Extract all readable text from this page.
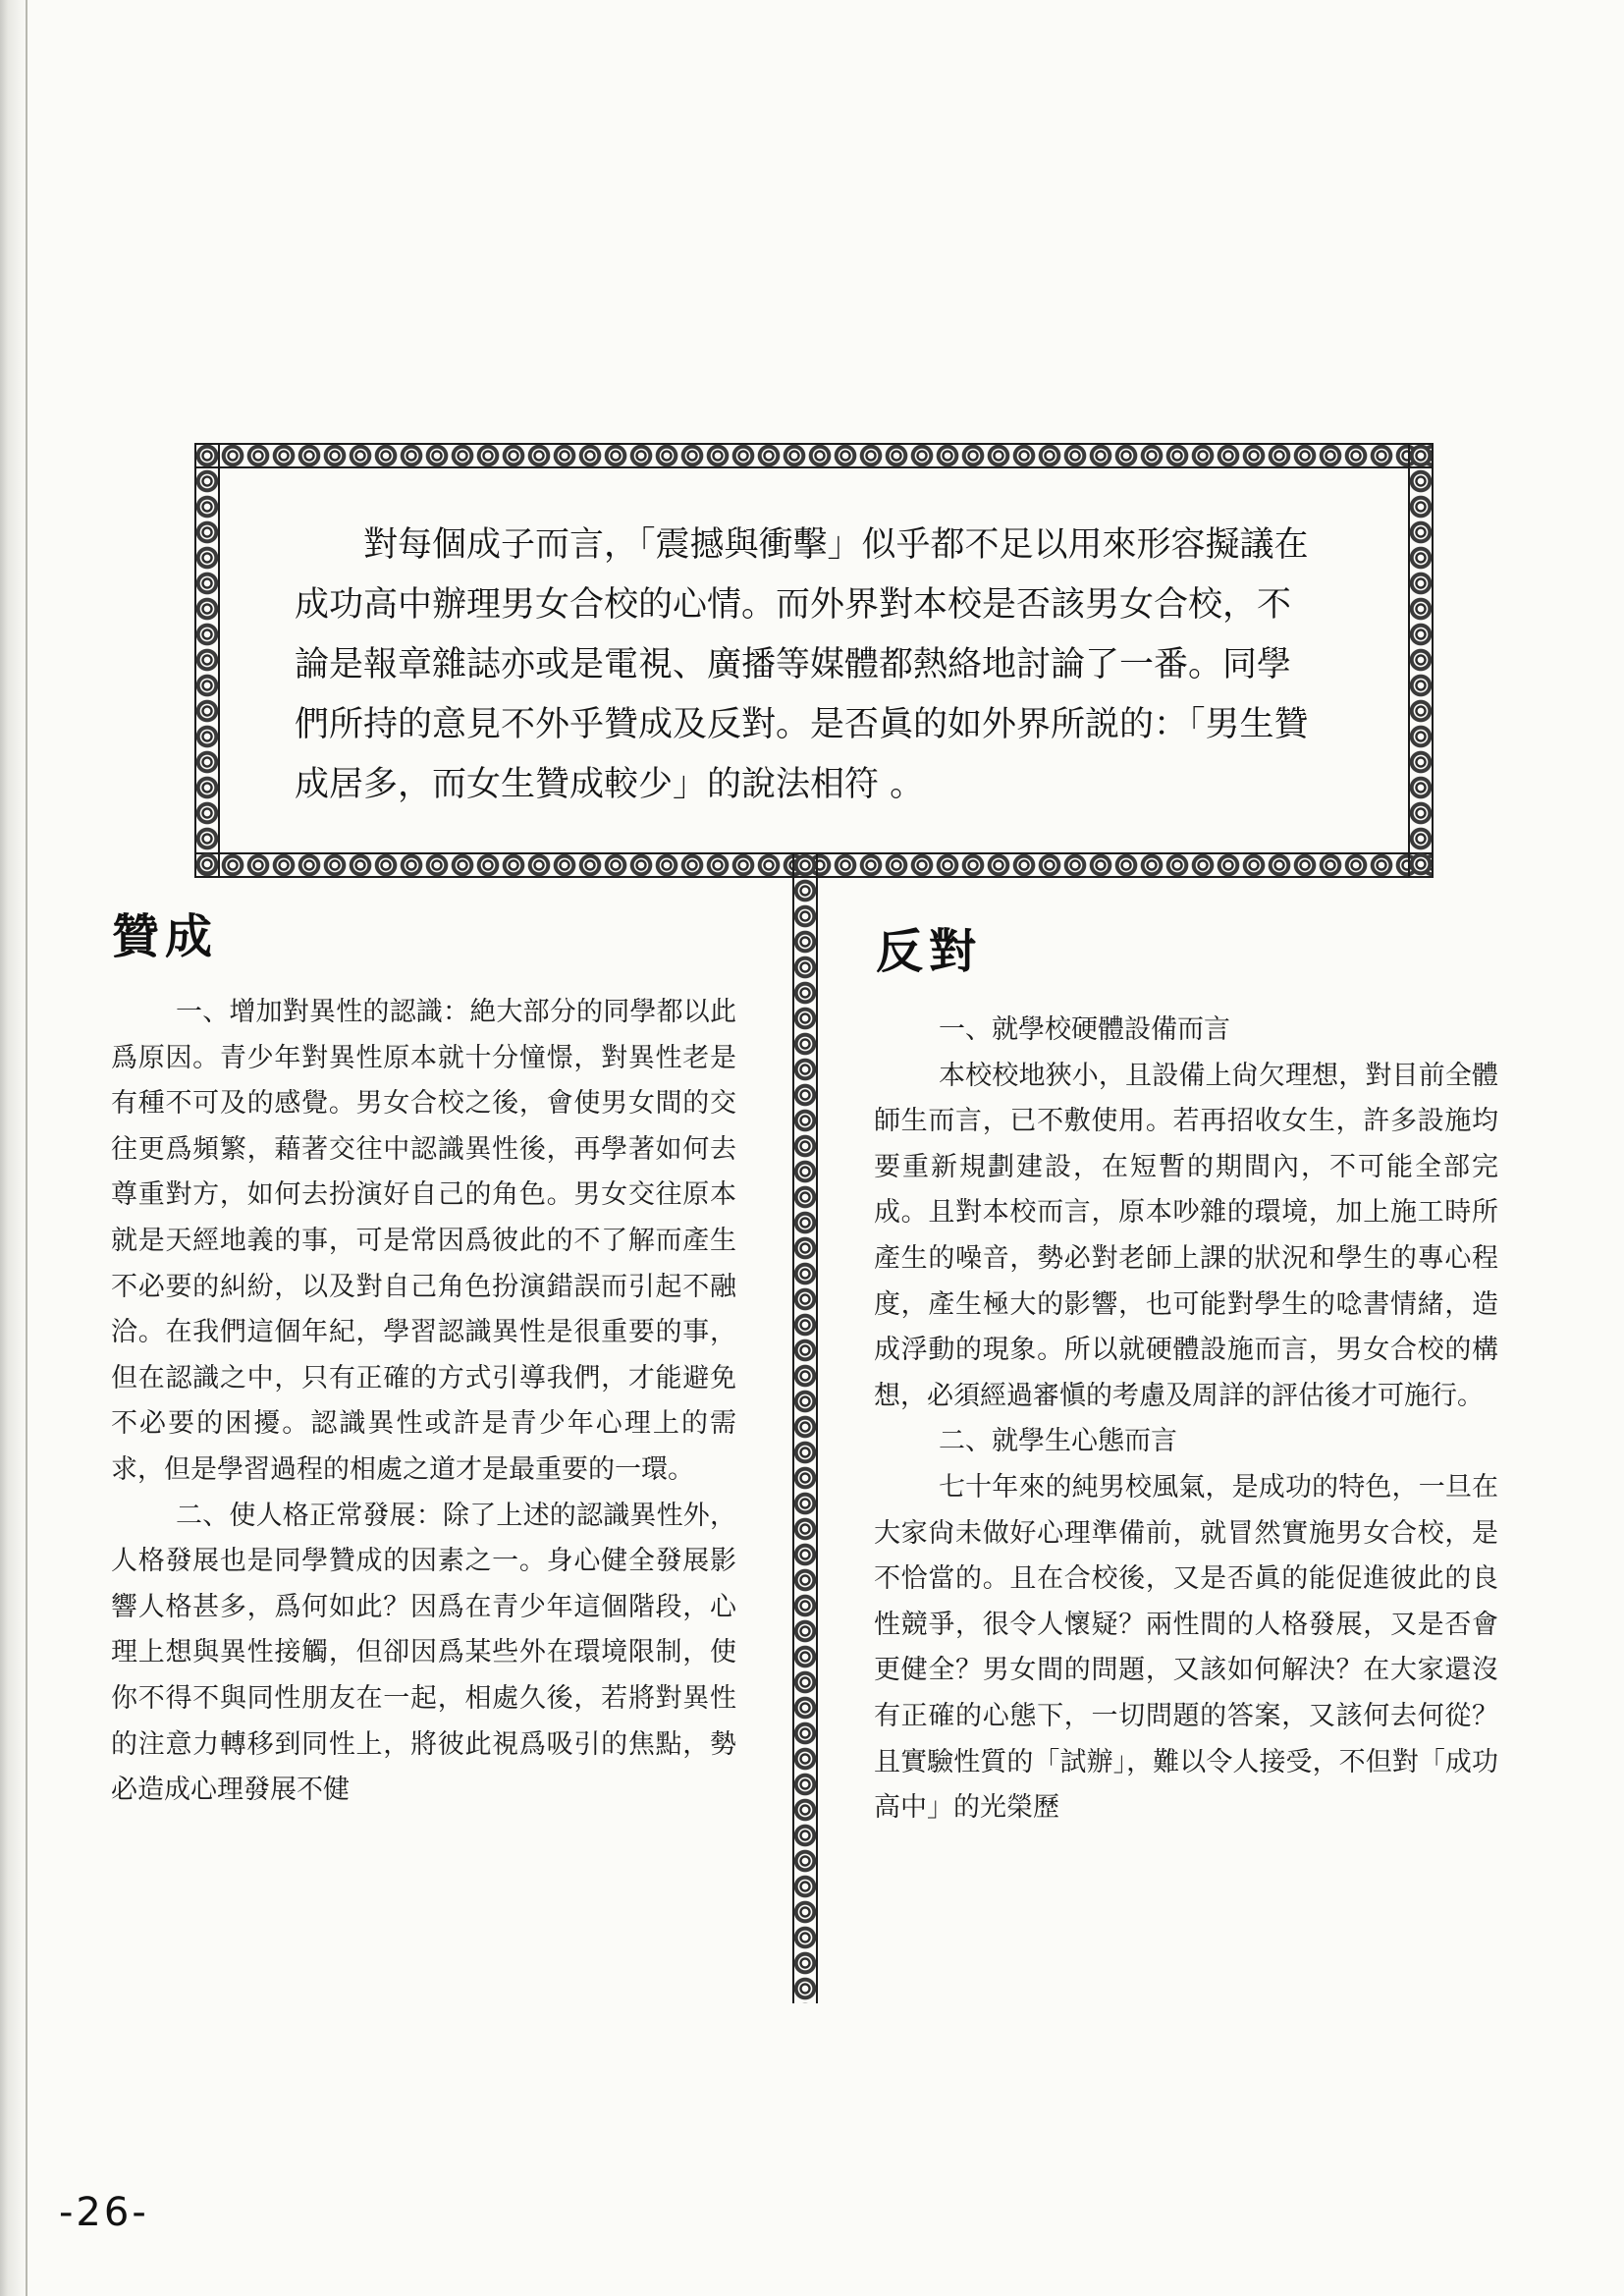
對每個成子而言，「震撼與衝擊」似乎都不足以用來形容擬議在成功高中辦理男女合校的心情。而外界對本校是否該男女合校，不論是報章雜誌亦或是電視、廣播等媒體都熱絡地討論了一番。同學們所持的意見不外乎贊成及反對。是否眞的如外界所説的：「男生贊成居多，而女生贊成較少」的說法相符 。

贊成

一、增加對異性的認識：絶大部分的同學都以此爲原因。青少年對異性原本就十分憧憬，對異性老是有種不可及的感覺。男女合校之後，會使男女間的交往更爲頻繁，藉著交往中認識異性後，再學著如何去尊重對方，如何去扮演好自己的角色。男女交往原本就是天經地義的事，可是常因爲彼此的不了解而產生不必要的糾紛，以及對自己角色扮演錯誤而引起不融洽。在我們這個年紀，學習認識異性是很重要的事，但在認識之中，只有正確的方式引導我們，才能避免不必要的困擾。認識異性或許是青少年心理上的需求，但是學習過程的相處之道才是最重要的一環。

二、使人格正常發展：除了上述的認識異性外，人格發展也是同學贊成的因素之一。身心健全發展影響人格甚多，爲何如此？因爲在青少年這個階段，心理上想與異性接觸，但卻因爲某些外在環境限制，使你不得不與同性朋友在一起，相處久後，若將對異性的注意力轉移到同性上，將彼此視爲吸引的焦點，勢必造成心理發展不健

反對

一、就學校硬體設備而言

本校校地狹小，且設備上尙欠理想，對目前全體師生而言，已不敷使用。若再招收女生，許多設施均要重新規劃建設，在短暫的期間內，不可能全部完成。且對本校而言，原本吵雜的環境，加上施工時所產生的噪音，勢必對老師上課的狀況和學生的專心程度，產生極大的影響，也可能對學生的唸書情緒，造成浮動的現象。所以就硬體設施而言，男女合校的構想，必須經過審愼的考慮及周詳的評估後才可施行。

二、就學生心態而言

七十年來的純男校風氣，是成功的特色，一旦在大家尙未做好心理準備前，就冒然實施男女合校，是不恰當的。且在合校後，又是否眞的能促進彼此的良性競爭，很令人懷疑？兩性間的人格發展，又是否會更健全？男女間的問題，又該如何解決？在大家還沒有正確的心態下，一切問題的答案，又該何去何從？且實驗性質的「試辦」，難以令人接受，不但對「成功高中」的光榮歷

-26-
